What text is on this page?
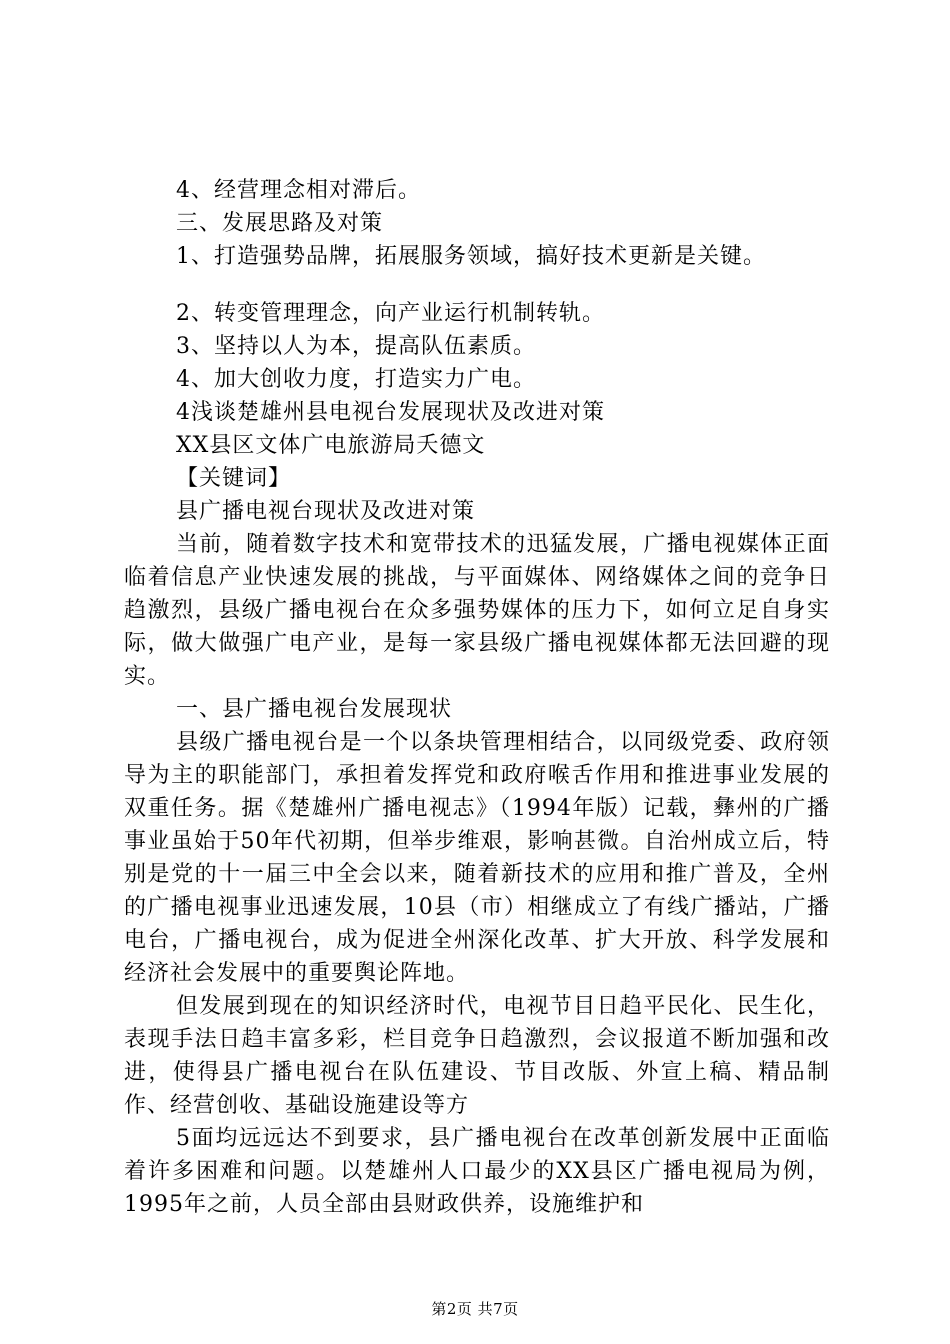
4、经营理念相对滞后。
三、发展思路及对策
1、打造强势品牌，拓展服务领域，搞好技术更新是关键。
2、转变管理理念，向产业运行机制转轨。
3、坚持以人为本，提高队伍素质。
4、加大创收力度，打造实力广电。
4浅谈楚雄州县电视台发展现状及改进对策
XX县区文体广电旅游局夭德文
【关键词】
县广播电视台现状及改进对策

当前，随着数字技术和宽带技术的迅猛发展，广播电视媒体正面临着信息产业快速发展的挑战，与平面媒体、网络媒体之间的竞争日趋激烈，县级广播电视台在众多强势媒体的压力下，如何立足自身实际，做大做强广电产业，是每一家县级广播电视媒体都无法回避的现实。

一、县广播电视台发展现状

县级广播电视台是一个以条块管理相结合，以同级党委、政府领导为主的职能部门，承担着发挥党和政府喉舌作用和推进事业发展的双重任务。据《楚雄州广播电视志》（1994年版）记载，彝州的广播事业虽始于50年代初期，但举步维艰，影响甚微。自治州成立后，特别是党的十一届三中全会以来，随着新技术的应用和推广普及，全州的广播电视事业迅速发展，10县（市）相继成立了有线广播站，广播电台，广播电视台，成为促进全州深化改革、扩大开放、科学发展和经济社会发展中的重要舆论阵地。

但发展到现在的知识经济时代，电视节目日趋平民化、民生化，表现手法日趋丰富多彩，栏目竞争日趋激烈，会议报道不断加强和改进，使得县广播电视台在队伍建设、节目改版、外宣上稿、精品制作、经营创收、基础设施建设等方

5面均远远达不到要求，县广播电视台在改革创新发展中正面临着许多困难和问题。以楚雄州人口最少的XX县区广播电视局为例，1995年之前，人员全部由县财政供养，设施维护和

第2页 共7页
